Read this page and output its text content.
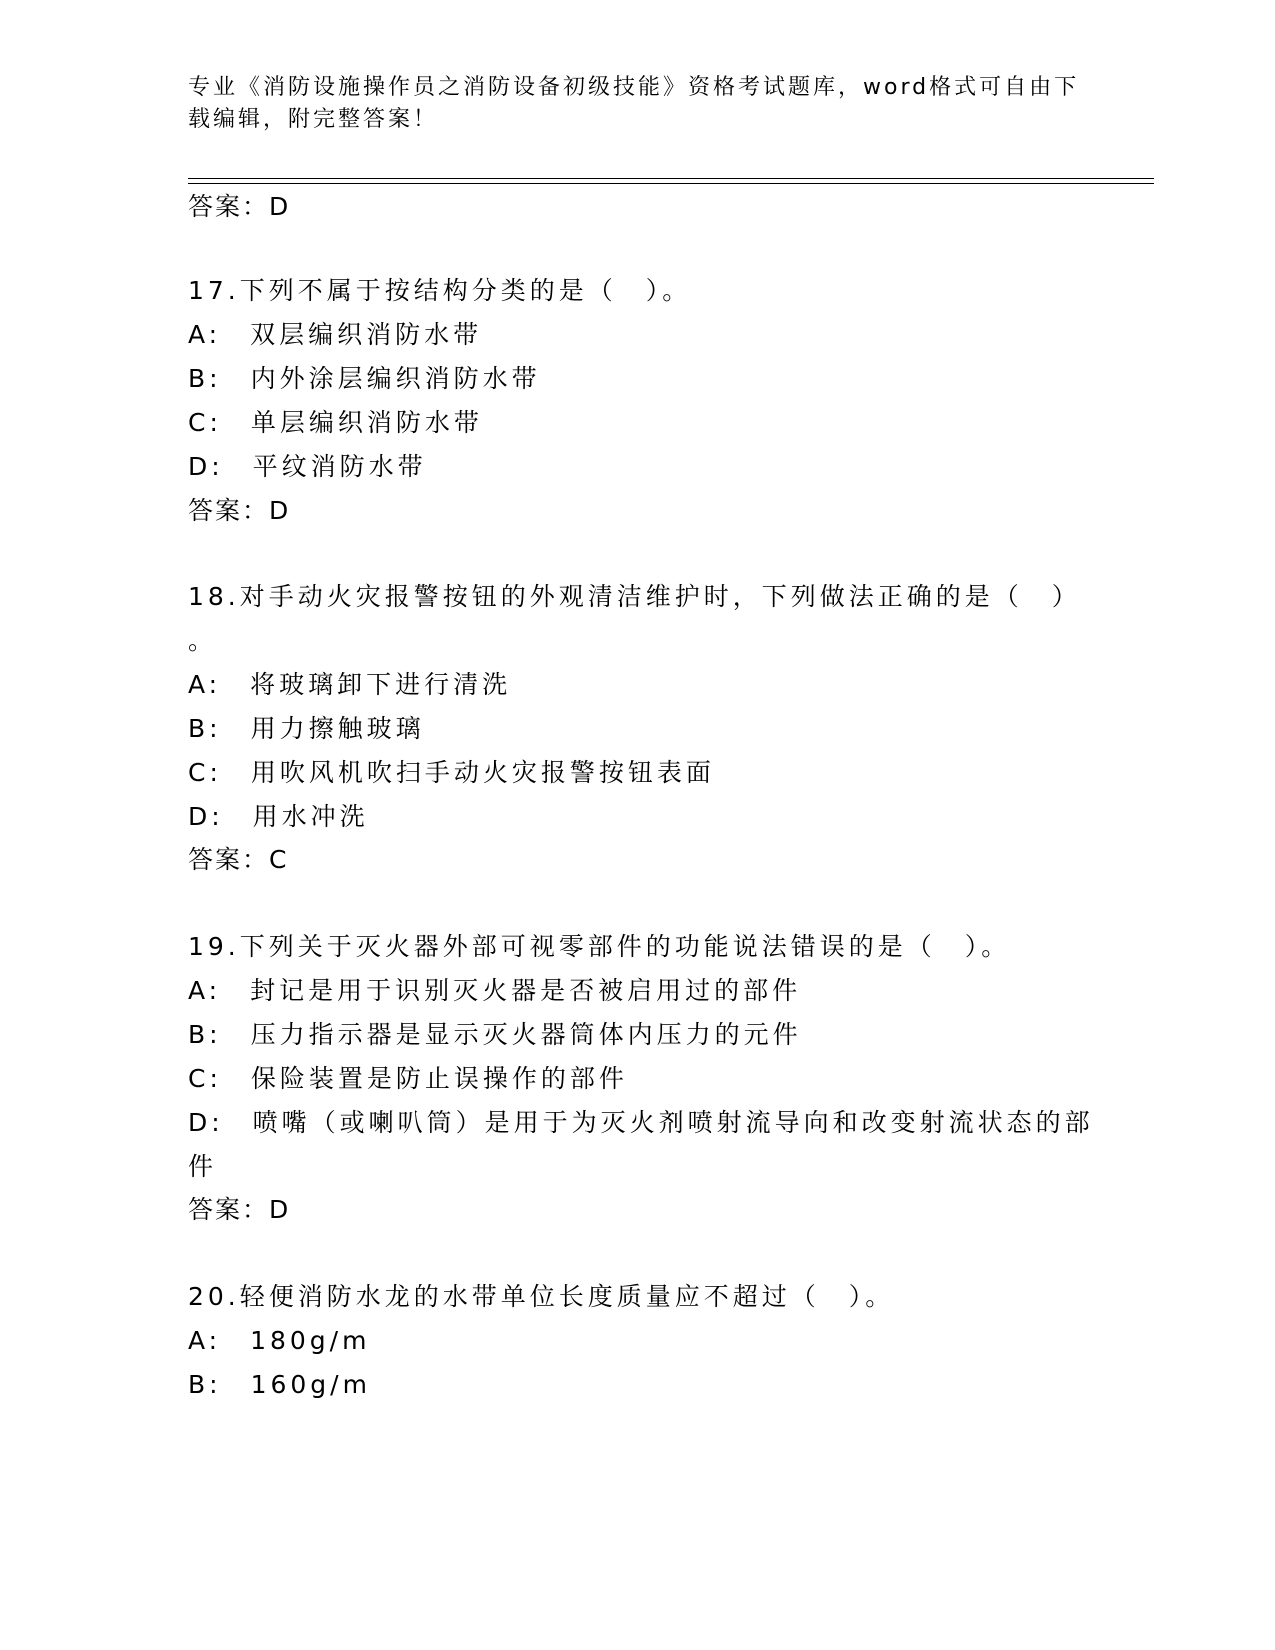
专业《消防设施操作员之消防设备初级技能》资格考试题库，word格式可自由下
载编辑，附完整答案！
答案：D
17.下列不属于按结构分类的是（　）。
A:　双层编织消防水带
B:　内外涂层编织消防水带
C:　单层编织消防水带
D:　平纹消防水带
答案：D
18.对手动火灾报警按钮的外观清洁维护时，下列做法正确的是（　）
。
A:　将玻璃卸下进行清洗
B:　用力擦触玻璃
C:　用吹风机吹扫手动火灾报警按钮表面
D:　用水冲洗
答案：C
19.下列关于灭火器外部可视零部件的功能说法错误的是（　）。
A:　封记是用于识别灭火器是否被启用过的部件
B:　压力指示器是显示灭火器筒体内压力的元件
C:　保险装置是防止误操作的部件
D:　喷嘴（或喇叭筒）是用于为灭火剂喷射流导向和改变射流状态的部
件
答案：D
20.轻便消防水龙的水带单位长度质量应不超过（　）。
A:　180g/m
B:　160g/m
